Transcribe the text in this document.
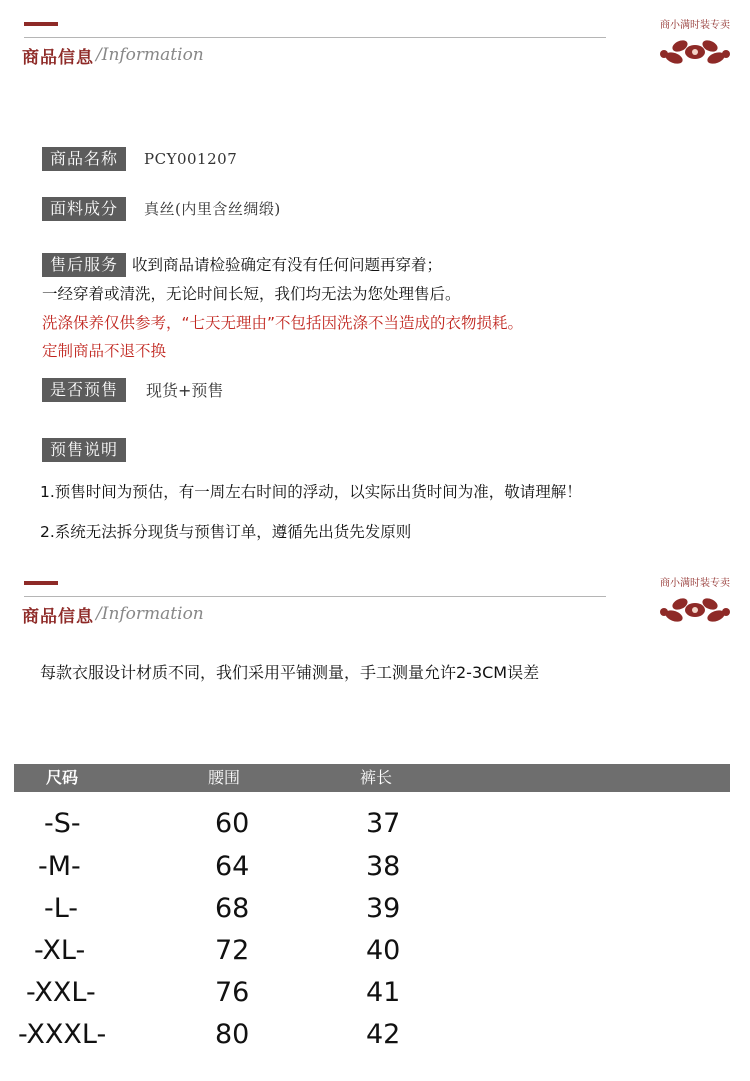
商品信息 /Information
商小满时装专卖
商品名称	PCY001207
面料成分	真丝(内里含丝绸缎)
售后服务 收到商品请检验确定有没有任何问题再穿着；
一经穿着或清洗，无论时间长短，我们均无法为您处理售后。
洗涤保养仅供参考，“七天无理由”不包括因洗涤不当造成的衣物损耗。
定制商品不退不换
是否预售	现货+预售
预售说明
1.预售时间为预估，有一周左右时间的浮动，以实际出货时间为准，敬请理解！
2.系统无法拆分现货与预售订单，遵循先出货先发原则
商品信息 /Information
商小满时装专卖
每款衣服设计材质不同，我们采用平铺测量，手工测量允许2-3CM误差
尺码	腰围	裤长
-S-	60	37
-M-	64	38
-L-	68	39
-XL-	72	40
-XXL-	76	41
-XXXL-	80	42
